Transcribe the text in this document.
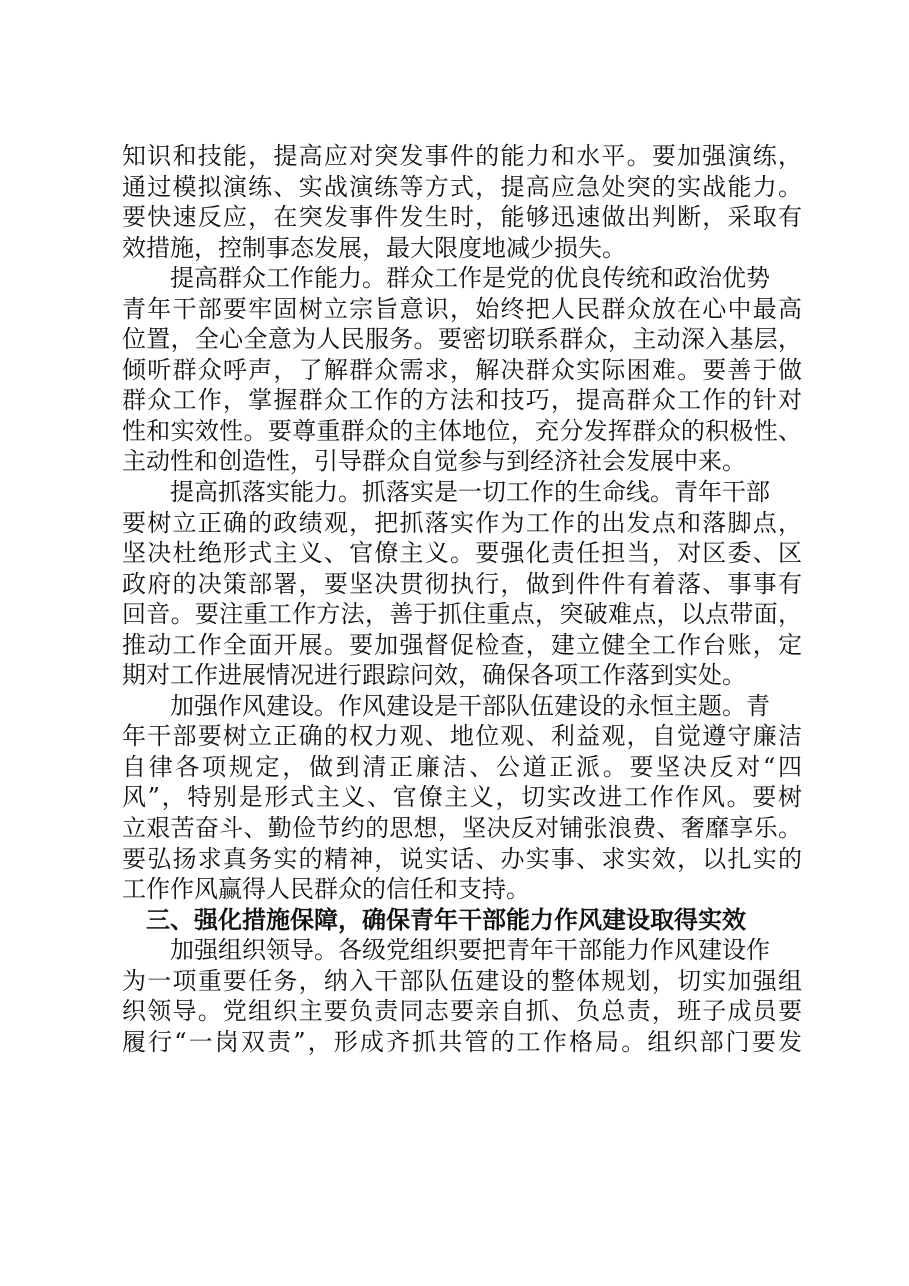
知识和技能，提高应对突发事件的能力和水平。要加强演练，
通过模拟演练、实战演练等方式，提高应急处突的实战能力。
要快速反应，在突发事件发生时，能够迅速做出判断，采取有
效措施，控制事态发展，最大限度地减少损失。
提高群众工作能力。群众工作是党的优良传统和政治优势
青年干部要牢固树立宗旨意识，始终把人民群众放在心中最高
位置，全心全意为人民服务。要密切联系群众，主动深入基层，
倾听群众呼声，了解群众需求，解决群众实际困难。要善于做
群众工作，掌握群众工作的方法和技巧，提高群众工作的针对
性和实效性。要尊重群众的主体地位，充分发挥群众的积极性、
主动性和创造性，引导群众自觉参与到经济社会发展中来。
提高抓落实能力。抓落实是一切工作的生命线。青年干部
要树立正确的政绩观，把抓落实作为工作的出发点和落脚点，
坚决杜绝形式主义、官僚主义。要强化责任担当，对区委、区
政府的决策部署，要坚决贯彻执行，做到件件有着落、事事有
回音。要注重工作方法，善于抓住重点，突破难点，以点带面，
推动工作全面开展。要加强督促检查，建立健全工作台账，定
期对工作进展情况进行跟踪问效，确保各项工作落到实处。
加强作风建设。作风建设是干部队伍建设的永恒主题。青
年干部要树立正确的权力观、地位观、利益观，自觉遵守廉洁
自律各项规定，做到清正廉洁、公道正派。要坚决反对“四
风”，特别是形式主义、官僚主义，切实改进工作作风。要树
立艰苦奋斗、勤俭节约的思想，坚决反对铺张浪费、奢靡享乐。
要弘扬求真务实的精神，说实话、办实事、求实效，以扎实的
工作作风赢得人民群众的信任和支持。
三、强化措施保障，确保青年干部能力作风建设取得实效
加强组织领导。各级党组织要把青年干部能力作风建设作
为一项重要任务，纳入干部队伍建设的整体规划，切实加强组
织领导。党组织主要负责同志要亲自抓、负总责，班子成员要
履行“一岗双责”，形成齐抓共管的工作格局。组织部门要发
